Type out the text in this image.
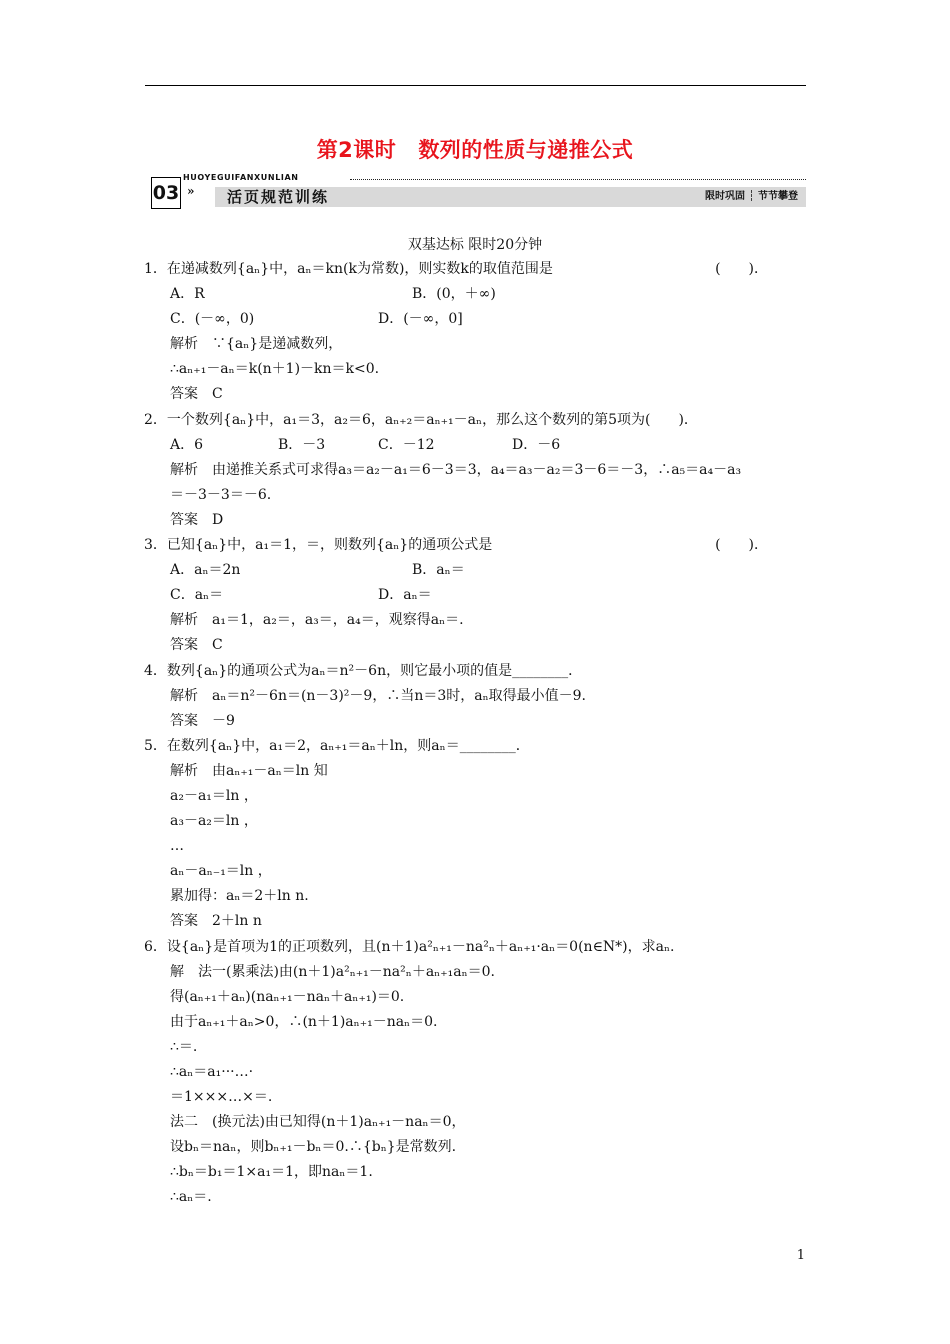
第2课时 数列的性质与递推公式
HUOYEGUIFANXUNLIAN
03 » 活页规范训练	限时巩固 ┆ 节节攀登
双基达标 限时20分钟
1．在递减数列{aₙ}中，aₙ＝kn(k为常数)，则实数k的取值范围是	(　　)．
A．R	B．(0，＋∞)
C．(－∞，0)	D．(－∞，0]
解析　∵{aₙ}是递减数列，
∴aₙ₊₁－aₙ＝k(n＋1)－kn＝k<0.
答案　C
2．一个数列{aₙ}中，a₁＝3，a₂＝6，aₙ₊₂＝aₙ₊₁－aₙ，那么这个数列的第5项为(　　)．
A．6	B．－3	C．－12	D．－6
解析　由递推关系式可求得a₃＝a₂－a₁＝6－3＝3，a₄＝a₃－a₂＝3－6＝－3，∴a₅＝a₄－a₃
＝－3－3＝－6.
答案　D
3．已知{aₙ}中，a₁＝1，＝，则数列{aₙ}的通项公式是	(　　)．
A．aₙ＝2n	B．aₙ＝
C．aₙ＝	D．aₙ＝
解析　a₁＝1，a₂＝，a₃＝，a₄＝，观察得aₙ＝.
答案　C
4．数列{aₙ}的通项公式为aₙ＝n²－6n，则它最小项的值是________．
解析　aₙ＝n²－6n＝(n－3)²－9，∴当n＝3时，aₙ取得最小值－9.
答案　－9
5．在数列{aₙ}中，a₁＝2，aₙ₊₁＝aₙ＋ln，则aₙ＝________．
解析　由aₙ₊₁－aₙ＝ln 知
a₂－a₁＝ln ，
a₃－a₂＝ln ，
…
aₙ－aₙ₋₁＝ln ，
累加得：aₙ＝2＋ln n.
答案　2＋ln n
6．设{aₙ}是首项为1的正项数列，且(n＋1)a²ₙ₊₁－na²ₙ＋aₙ₊₁·aₙ＝0(n∈N*)，求aₙ.
解　法一(累乘法)由(n＋1)a²ₙ₊₁－na²ₙ＋aₙ₊₁aₙ＝0.
得(aₙ₊₁＋aₙ)(naₙ₊₁－naₙ＋aₙ₊₁)＝0.
由于aₙ₊₁＋aₙ>0，∴(n＋1)aₙ₊₁－naₙ＝0.
∴＝.
∴aₙ＝a₁···…·
＝1×××…×＝.
法二　(换元法)由已知得(n＋1)aₙ₊₁－naₙ＝0，
设bₙ＝naₙ，则bₙ₊₁－bₙ＝0.∴{bₙ}是常数列.
∴bₙ＝b₁＝1×a₁＝1，即naₙ＝1.
∴aₙ＝.
1
